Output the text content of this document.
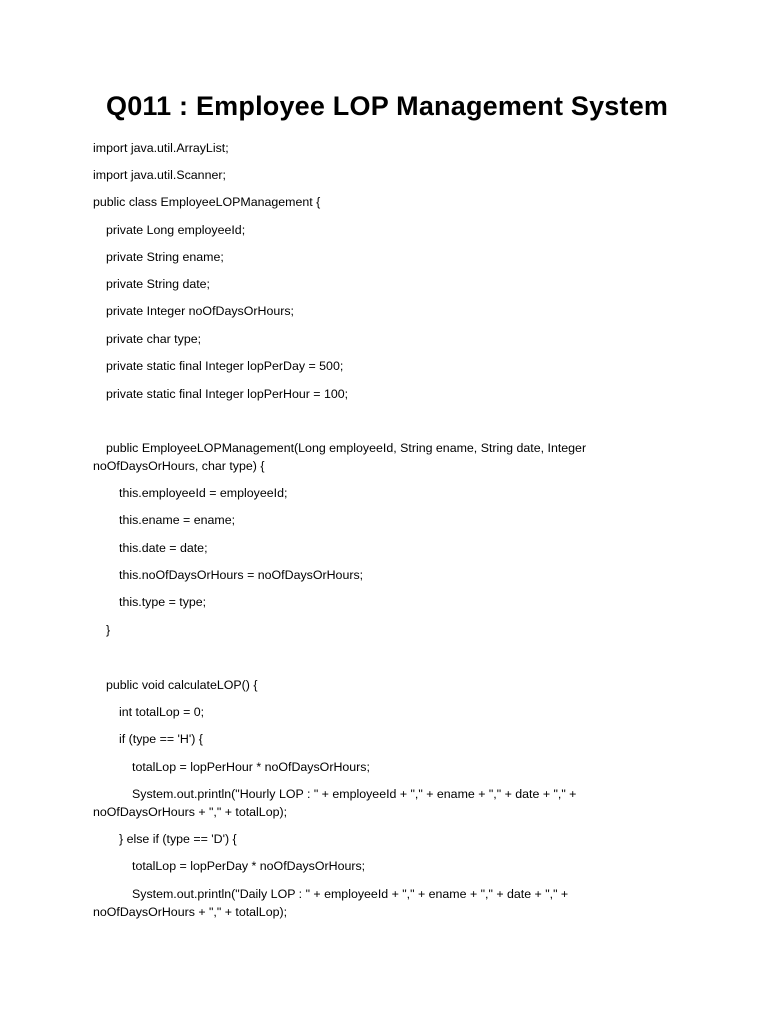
Q011 : Employee LOP Management System
import java.util.ArrayList;
import java.util.Scanner;
public class EmployeeLOPManagement {
private Long employeeId;
private String ename;
private String date;
private Integer noOfDaysOrHours;
private char type;
private static final Integer lopPerDay = 500;
private static final Integer lopPerHour = 100;
public EmployeeLOPManagement(Long employeeId, String ename, String date, Integer
noOfDaysOrHours, char type) {
this.employeeId = employeeId;
this.ename = ename;
this.date = date;
this.noOfDaysOrHours = noOfDaysOrHours;
this.type = type;
}
public void calculateLOP() {
int totalLop = 0;
if (type == 'H') {
totalLop = lopPerHour * noOfDaysOrHours;
System.out.println("Hourly LOP : " + employeeId + "," + ename + "," + date + "," +
noOfDaysOrHours + "," + totalLop);
} else if (type == 'D') {
totalLop = lopPerDay * noOfDaysOrHours;
System.out.println("Daily LOP : " + employeeId + "," + ename + "," + date + "," +
noOfDaysOrHours + "," + totalLop);
